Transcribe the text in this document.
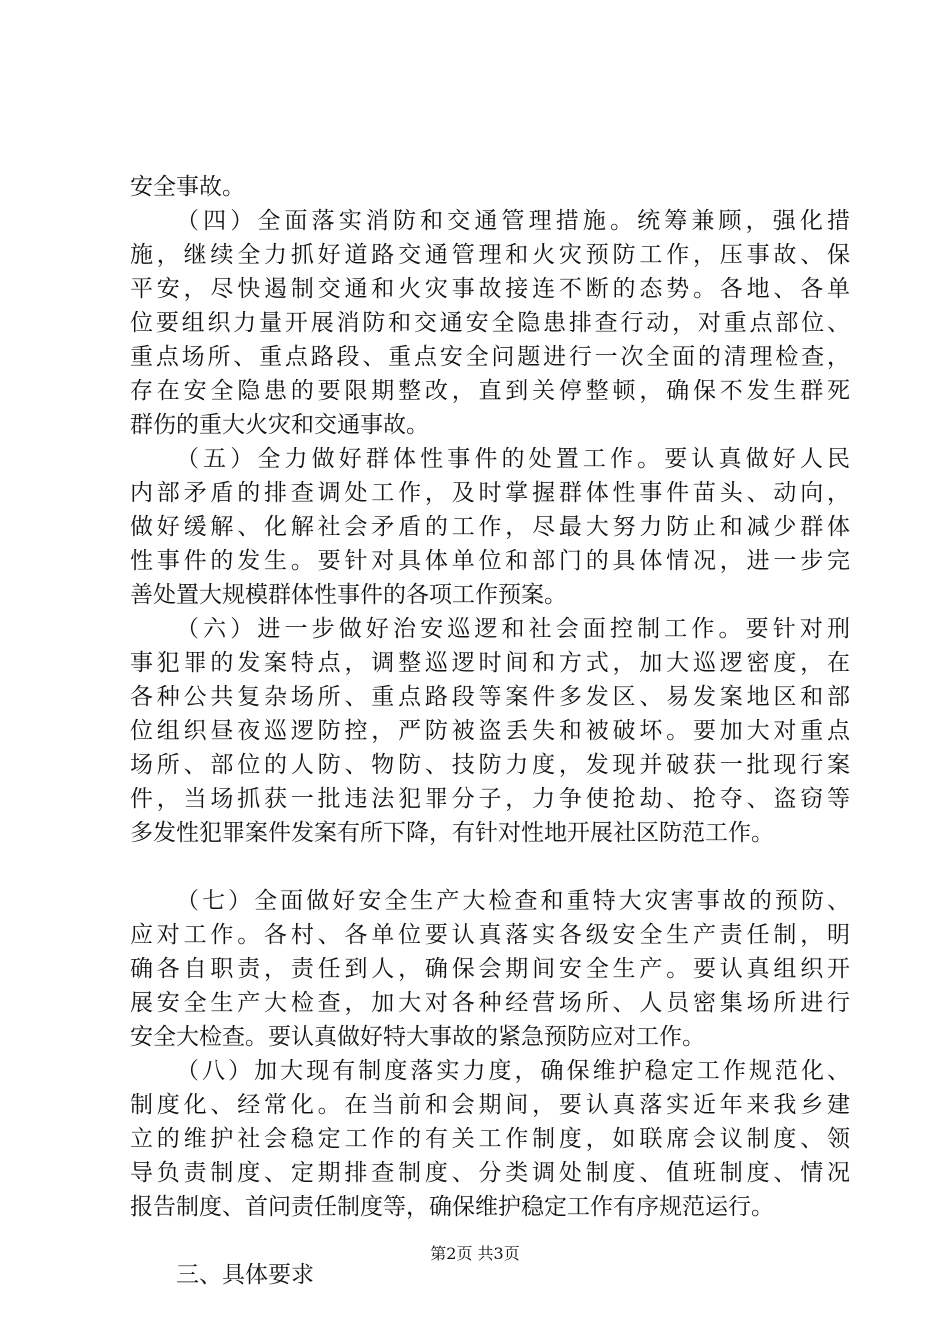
安全事故。
（四）全面落实消防和交通管理措施。统筹兼顾，强化措
施，继续全力抓好道路交通管理和火灾预防工作，压事故、保
平安，尽快遏制交通和火灾事故接连不断的态势。各地、各单
位要组织力量开展消防和交通安全隐患排查行动，对重点部位、
重点场所、重点路段、重点安全问题进行一次全面的清理检查，
存在安全隐患的要限期整改，直到关停整顿，确保不发生群死
群伤的重大火灾和交通事故。
（五）全力做好群体性事件的处置工作。要认真做好人民
内部矛盾的排查调处工作，及时掌握群体性事件苗头、动向，
做好缓解、化解社会矛盾的工作，尽最大努力防止和减少群体
性事件的发生。要针对具体单位和部门的具体情况，进一步完
善处置大规模群体性事件的各项工作预案。
（六）进一步做好治安巡逻和社会面控制工作。要针对刑
事犯罪的发案特点，调整巡逻时间和方式，加大巡逻密度，在
各种公共复杂场所、重点路段等案件多发区、易发案地区和部
位组织昼夜巡逻防控，严防被盗丢失和被破坏。要加大对重点
场所、部位的人防、物防、技防力度，发现并破获一批现行案
件，当场抓获一批违法犯罪分子，力争使抢劫、抢夺、盗窃等
多发性犯罪案件发案有所下降，有针对性地开展社区防范工作。
（七）全面做好安全生产大检查和重特大灾害事故的预防、
应对工作。各村、各单位要认真落实各级安全生产责任制，明
确各自职责，责任到人，确保会期间安全生产。要认真组织开
展安全生产大检查，加大对各种经营场所、人员密集场所进行
安全大检查。要认真做好特大事故的紧急预防应对工作。
（八）加大现有制度落实力度，确保维护稳定工作规范化、
制度化、经常化。在当前和会期间，要认真落实近年来我乡建
立的维护社会稳定工作的有关工作制度，如联席会议制度、领
导负责制度、定期排查制度、分类调处制度、值班制度、情况
报告制度、首问责任制度等，确保维护稳定工作有序规范运行。
三、具体要求
第2页 共3页
